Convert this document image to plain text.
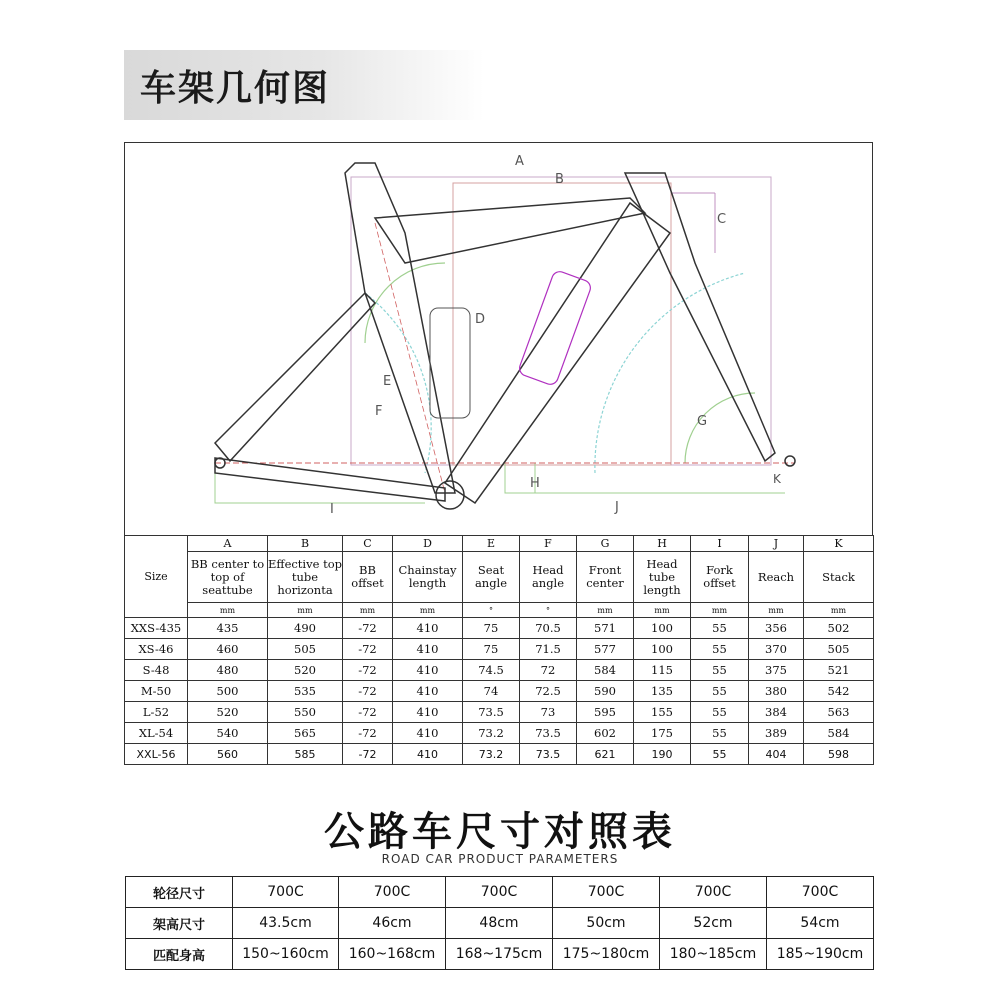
车架几何图
A
B
C
D
E
F
G
H
I	J
K
Size	A	B	C	D	E	F	G	H	I	J	K
	BB center to top of seattube	Effective top tube horizonta	BB offset	Chainstay length	Seat angle	Head angle	Front center	Head tube length	Fork offset	Reach	Stack
	mm	mm	mm	mm	°	°	mm	mm	mm	mm	mm
XXS-435	435	490	-72	410	75	70.5	571	100	55	356	502
XS-46	460	505	-72	410	75	71.5	577	100	55	370	505
S-48	480	520	-72	410	74.5	72	584	115	55	375	521
M-50	500	535	-72	410	74	72.5	590	135	55	380	542
L-52	520	550	-72	410	73.5	73	595	155	55	384	563
XL-54	540	565	-72	410	73.2	73.5	602	175	55	389	584
XXL-56	560	585	-72	410	73.2	73.5	621	190	55	404	598
公路车尺寸对照表
ROAD CAR PRODUCT PARAMETERS
轮径尺寸	700C	700C	700C	700C	700C	700C
架高尺寸	43.5cm	46cm	48cm	50cm	52cm	54cm
匹配身高	150~160cm	160~168cm	168~175cm	175~180cm	180~185cm	185~190cm
